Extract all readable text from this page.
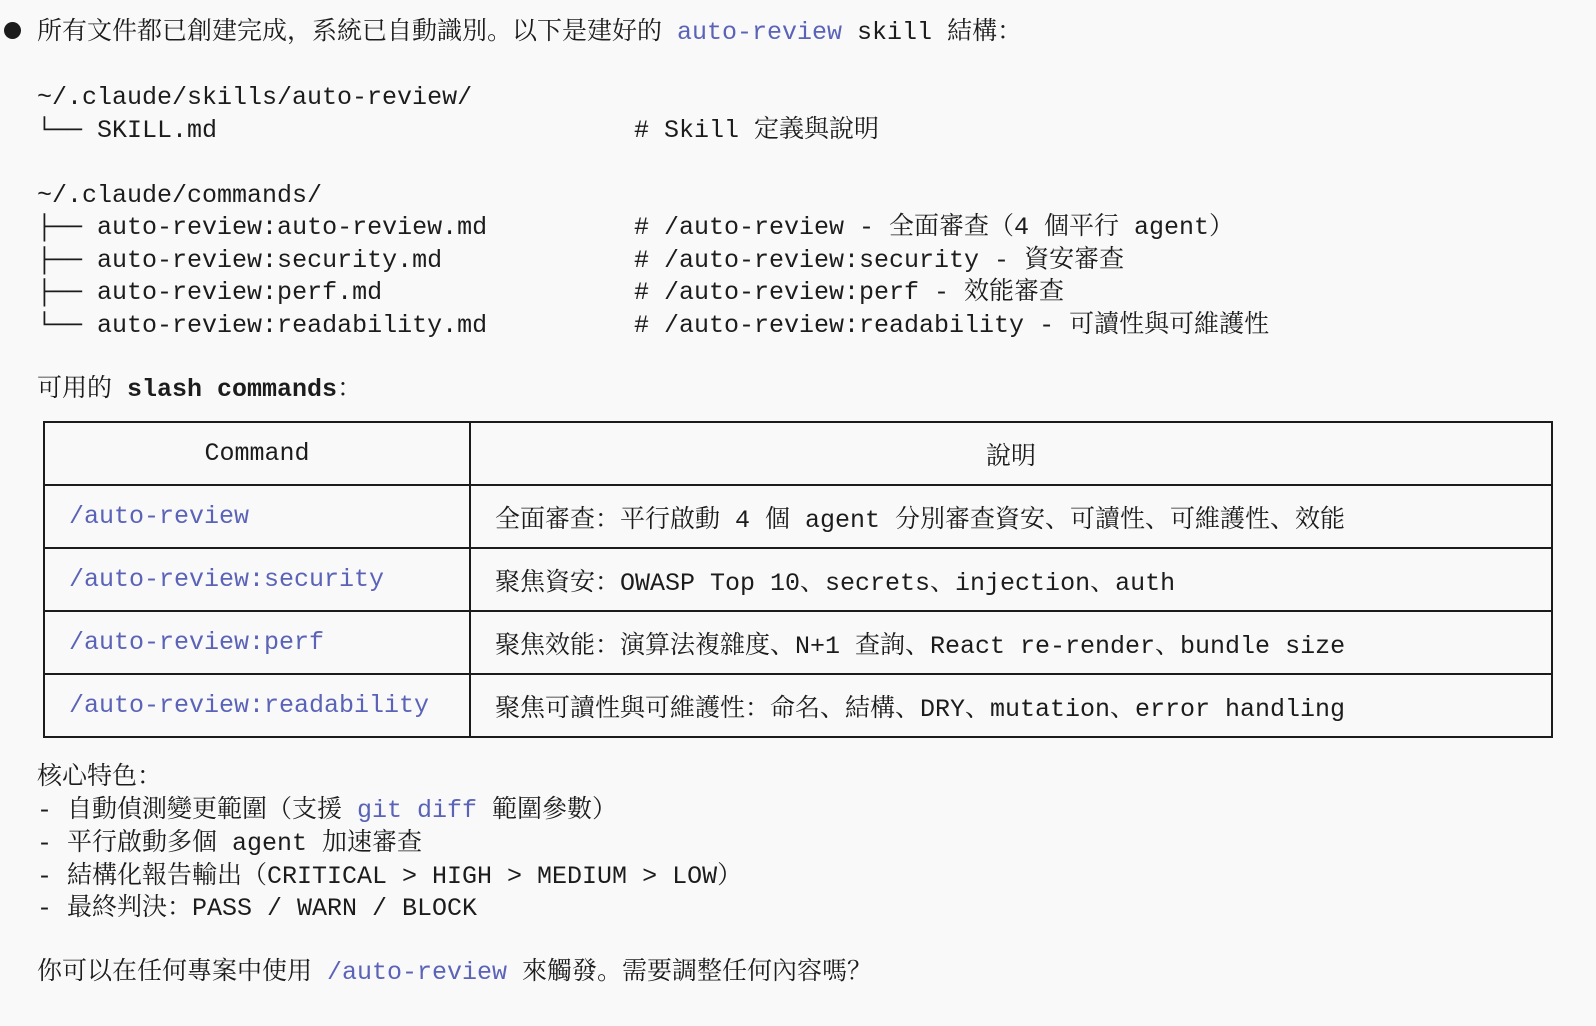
所有文件都已創建完成，系統已自動識別。以下是建好的 auto-review skill 結構：
~/.claude/skills/auto-review/
└── SKILL.md	# Skill 定義與說明
~/.claude/commands/
├── auto-review:auto-review.md	# /auto-review - 全面審查（4 個平行 agent）
├── auto-review:security.md	# /auto-review:security - 資安審查
├── auto-review:perf.md	# /auto-review:perf - 效能審查
└── auto-review:readability.md	# /auto-review:readability - 可讀性與可維護性
可用的 slash commands：
Command	說明
/auto-review	全面審查：平行啟動 4 個 agent 分別審查資安、可讀性、可維護性、效能
/auto-review:security	聚焦資安：OWASP Top 10、secrets、injection、auth
/auto-review:perf	聚焦效能：演算法複雜度、N+1 查詢、React re-render、bundle size
/auto-review:readability	聚焦可讀性與可維護性：命名、結構、DRY、mutation、error handling
核心特色：
- 自動偵測變更範圍（支援 git diff 範圍參數）
- 平行啟動多個 agent 加速審查
- 結構化報告輸出（CRITICAL > HIGH > MEDIUM > LOW）
- 最終判決：PASS / WARN / BLOCK
你可以在任何專案中使用 /auto-review 來觸發。需要調整任何內容嗎？
